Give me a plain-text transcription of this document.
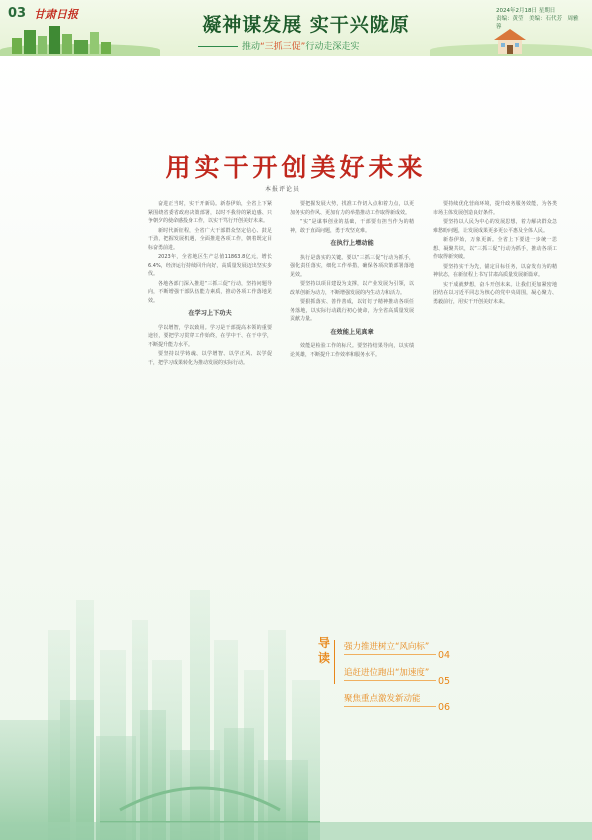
03 甘肃日报	凝神谋发展 实干兴陇原
推动“三抓三促”行动走深走实
2024年2月18日 星期日
责编：黄莹　美编：石代芳　周雅蓉
用实干开创美好未来
本报评论员

奋进正当时，实干开新局。新春伊始，全省上下紧紧围绕省委省政府决策部署，以时不我待的紧迫感、只争朝夕的使命感投身工作，以实干笃行开创美好未来。

新时代新征程，全省广大干部群众坚定信心、鼓足干劲，把握发展机遇，全面推进各项工作，朝着既定目标奋勇前进。

2023年，全省地区生产总值11863.8亿元，增长6.4%，经济运行持续回升向好，高质量发展迈出坚实步伐。

各地各部门深入推进“三抓三促”行动，坚持问题导向，不断增强干部队伍能力素质，推动各项工作落地见效。

在学习上下功夫

学以增智，学以致用。学习是干部提高本领的重要途径，要把学习贯穿工作始终，在学中干、在干中学，不断提升能力水平。

要坚持以学铸魂、以学增智、以学正风、以学促干，把学习成果转化为推动发展的实际行动。

要把握发展大势，找准工作切入点和着力点，以更加务实的作风、更加有力的举措推动工作取得新成效。

“实”是谋事创业的基础，干部要有担当作为的精神，敢于直面问题，勇于攻坚克难。

在执行上增动能

执行是落实的关键。要以“三抓三促”行动为抓手，强化责任落实，细化工作举措，确保各项决策部署落地见效。

要坚持以项目建设为支撑，以产业发展为引领，以改革创新为动力，不断增强发展的内生动力和活力。

要狠抓落实、善作善成，以钉钉子精神推动各项任务落地，以实际行动践行初心使命，为全省高质量发展贡献力量。

在效能上见真章

效能是检验工作的标尺。要坚持结果导向，以实绩论英雄，不断提升工作效率和服务水平。

要持续优化营商环境，提升政务服务效能，为各类市场主体发展创造良好条件。

要坚持以人民为中心的发展思想，着力解决群众急难愁盼问题，让发展成果更多更公平惠及全体人民。

新春伊始，万象更新。全省上下要进一步统一思想、凝聚共识，以“三抓三促”行动为抓手，推动各项工作取得新突破。

要坚持实干为先，锚定目标任务，以奋发有为的精神状态，在新征程上书写甘肃高质量发展新篇章。

实干成就梦想，奋斗开创未来。让我们更加紧密地团结在以习近平同志为核心的党中央周围，凝心聚力、勇毅前行，用实干开创美好未来。

导
读
强力推进树立“风向标”
04
追赶进位跑出“加速度”
05
聚焦重点激发新动能
06
